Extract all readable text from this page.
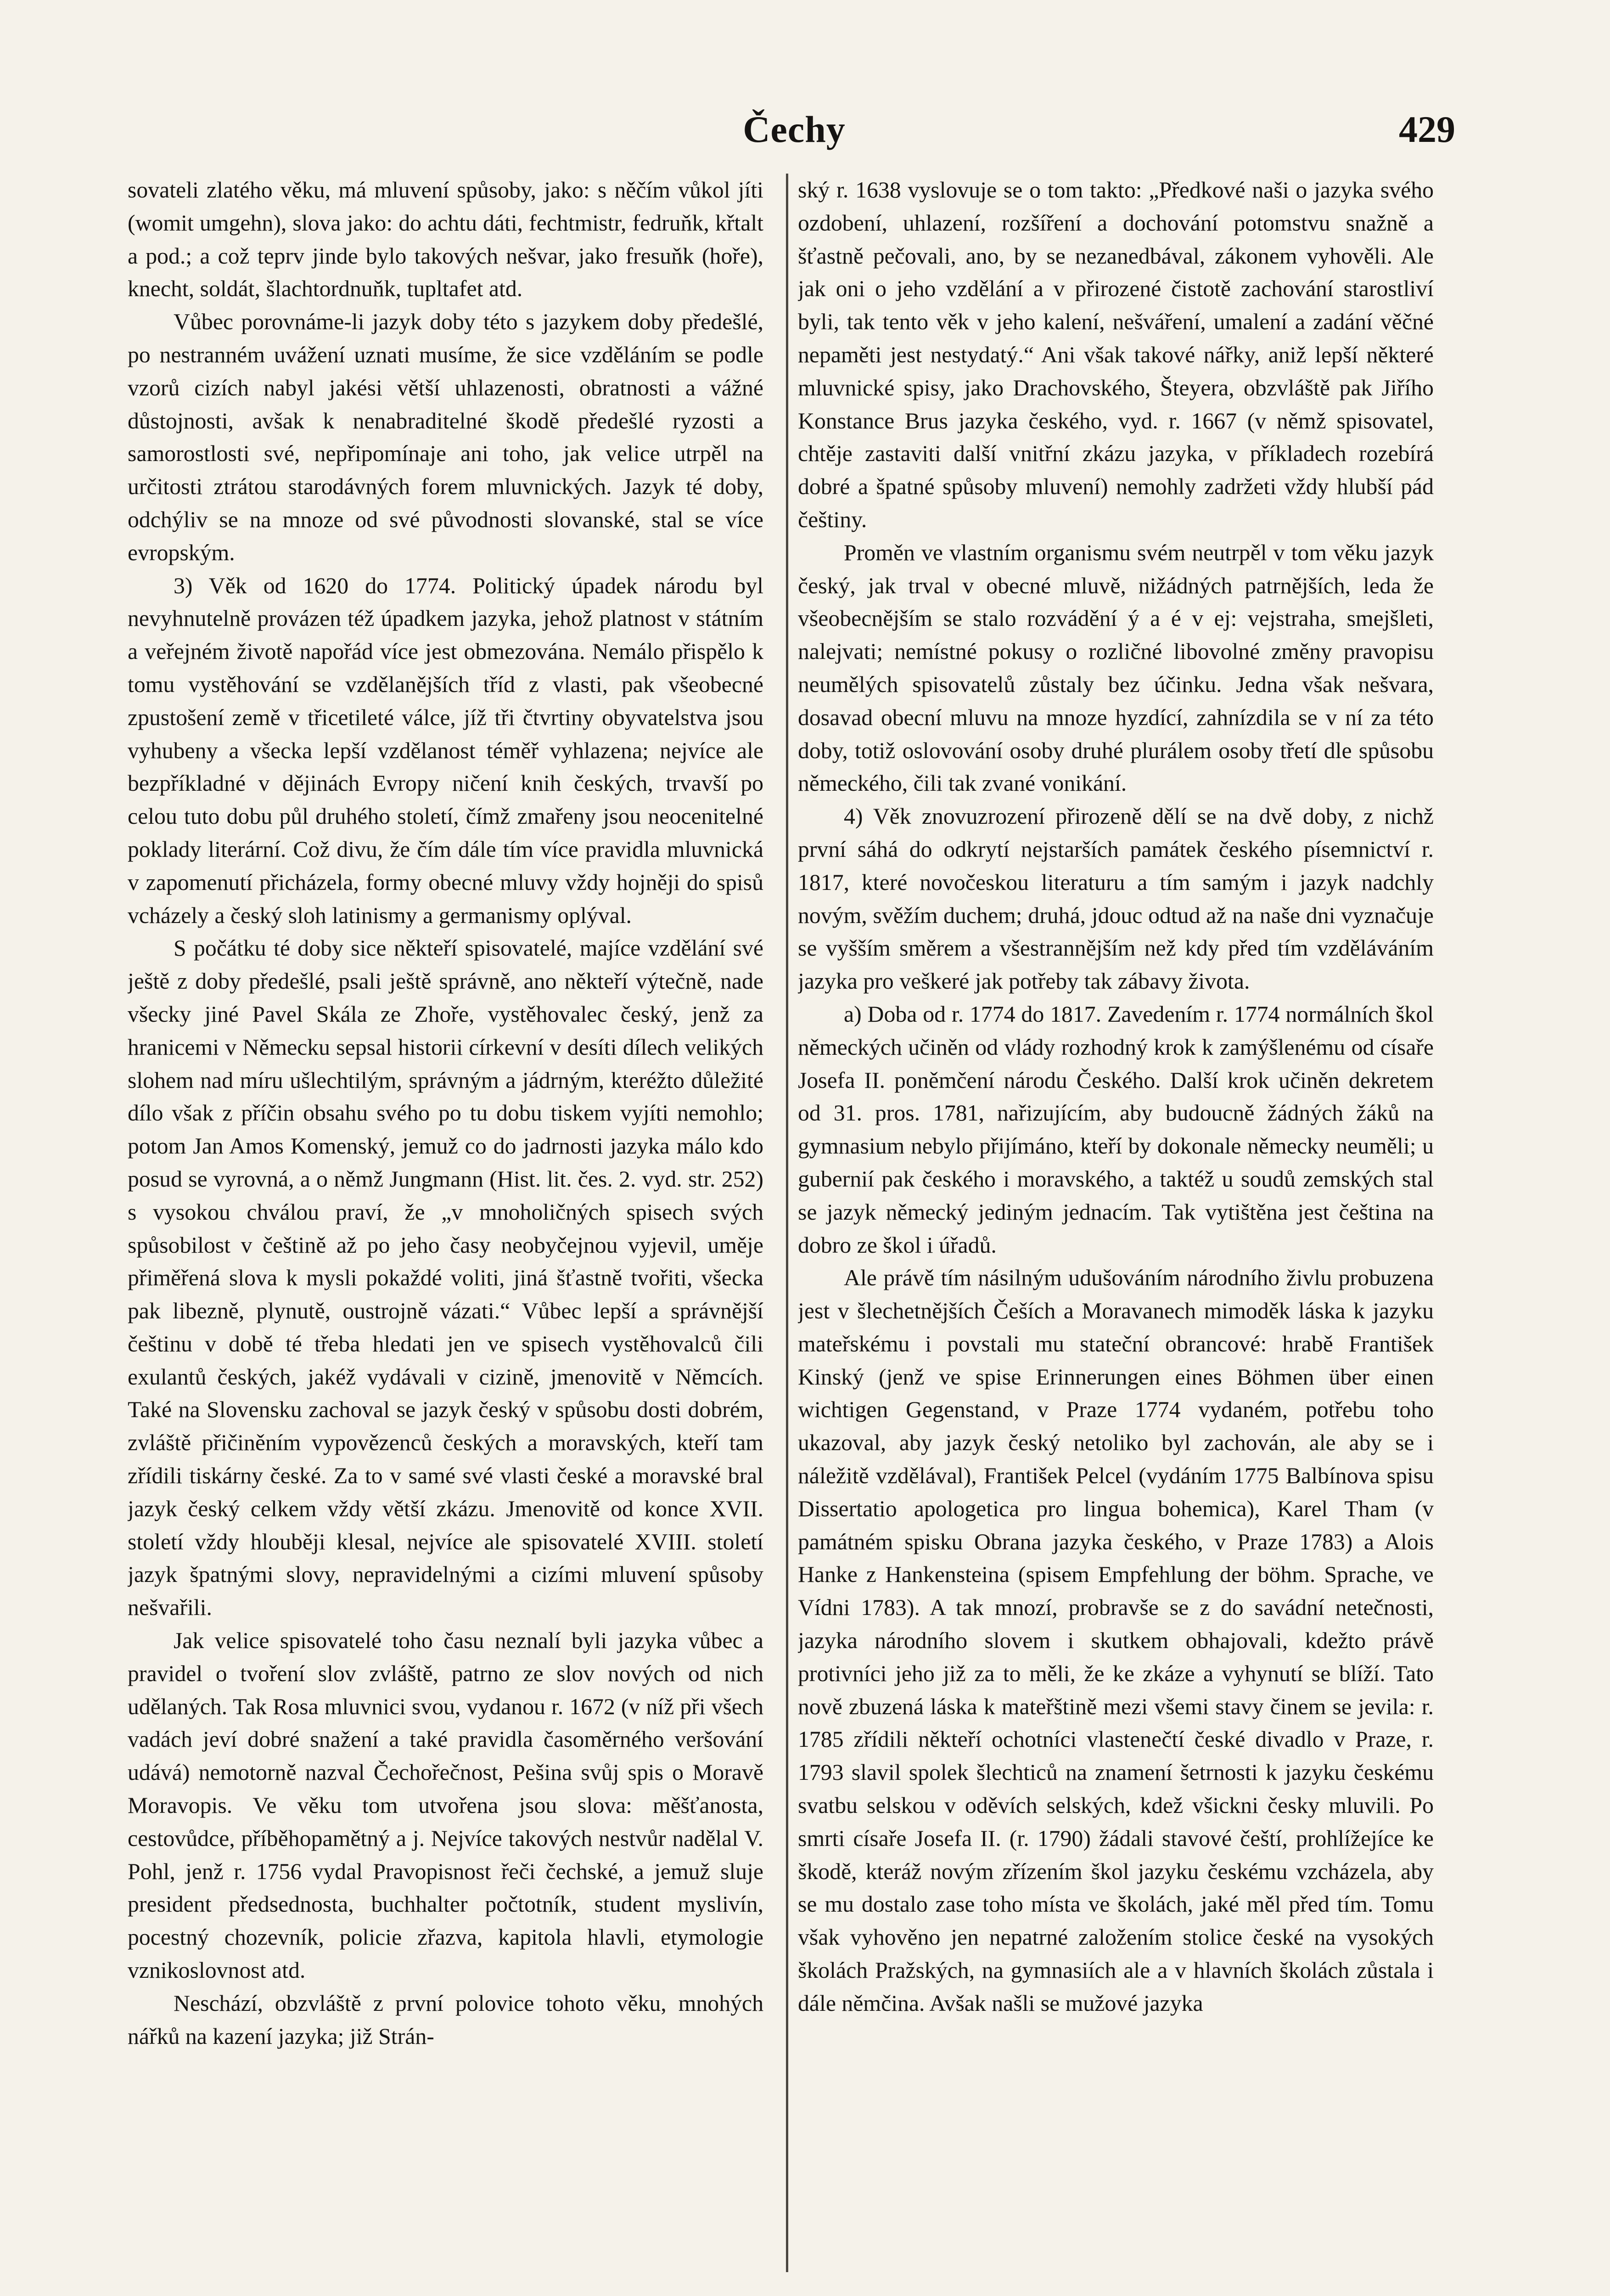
Čechy	429

sovateli zlatého věku, má mluvení spůsoby, jako: s něčím vůkol jíti (womit umgehn), slova jako: do achtu dáti, fechtmistr, fedruňk, křtalt a pod.; a což teprv jinde bylo takových nešvar, jako fresuňk (hoře), knecht, soldát, šlachtordnuňk, tupltafet atd.

Vůbec porovnáme-li jazyk doby této s jazykem doby předešlé, po nestranném uvážení uznati musíme, že sice vzděláním se podle vzorů cizích nabyl jakési větší uhlazenosti, obratnosti a vážné důstojnosti, avšak k nenabraditelné škodě předešlé ryzosti a samorostlosti své, nepřipomínaje ani toho, jak velice utrpěl na určitosti ztrátou starodávných forem mluvnických. Jazyk té doby, odchýliv se na mnoze od své původnosti slovanské, stal se více evropským.

3) Věk od 1620 do 1774. Politický úpadek národu byl nevyhnutelně provázen též úpadkem jazyka, jehož platnost v státním a veřejném životě napořád více jest obmezována. Nemálo přispělo k tomu vystěhování se vzdělanějších tříd z vlasti, pak všeobecné zpustošení země v třicetileté válce, jíž tři čtvrtiny obyvatelstva jsou vyhubeny a všecka lepší vzdělanost téměř vyhlazena; nejvíce ale bezpříkladné v dějinách Evropy ničení knih českých, trvavší po celou tuto dobu půl druhého století, čímž zmařeny jsou neocenitelné poklady literární. Což divu, že čím dále tím více pravidla mluvnická v zapomenutí přicházela, formy obecné mluvy vždy hojněji do spisů vcházely a český sloh latinismy a germanismy oplýval.

S počátku té doby sice někteří spisovatelé, majíce vzdělání své ještě z doby předešlé, psali ještě správně, ano někteří výtečně, nade všecky jiné Pavel Skála ze Zhoře, vystěhovalec český, jenž za hranicemi v Německu sepsal historii církevní v desíti dílech velikých slohem nad míru ušlechtilým, správným a jádrným, kteréžto důležité dílo však z příčin obsahu svého po tu dobu tiskem vyjíti nemohlo; potom Jan Amos Komenský, jemuž co do jadrnosti jazyka málo kdo posud se vyrovná, a o němž Jungmann (Hist. lit. čes. 2. vyd. str. 252) s vysokou chválou praví, že „v mnoholičných spisech svých spůsobilost v češtině až po jeho časy neobyčejnou vyjevil, uměje přiměřená slova k mysli pokaždé voliti, jiná šťastně tvořiti, všecka pak libezně, plynutě, oustrojně vázati.“ Vůbec lepší a správnější češtinu v době té třeba hledati jen ve spisech vystěhovalců čili exulantů českých, jakéž vydávali v cizině, jmenovitě v Němcích. Také na Slovensku zachoval se jazyk český v spůsobu dosti dobrém, zvláště přičiněním vypovězenců českých a moravských, kteří tam zřídili tiskárny české. Za to v samé své vlasti české a moravské bral jazyk český celkem vždy větší zkázu. Jmenovitě od konce XVII. století vždy hlouběji klesal, nejvíce ale spisovatelé XVIII. století jazyk špatnými slovy, nepravidelnými a cizími mluvení spůsoby nešvařili.

Jak velice spisovatelé toho času neznalí byli jazyka vůbec a pravidel o tvoření slov zvláště, patrno ze slov nových od nich udělaných. Tak Rosa mluvnici svou, vydanou r. 1672 (v níž při všech vadách jeví dobré snažení a také pravidla časoměrného veršování udává) nemotorně nazval Čechořečnost, Pešina svůj spis o Moravě Moravopis. Ve věku tom utvořena jsou slova: měšťanosta, cestovůdce, příběhopamětný a j. Nejvíce takových nestvůr nadělal V. Pohl, jenž r. 1756 vydal Pravopisnost řeči čechské, a jemuž sluje president předsednosta, buchhalter počtotník, student myslivín, pocestný chozevník, policie zřazva, kapitola hlavli, etymologie vznikoslovnost atd.

Neschází, obzvláště z první polovice tohoto věku, mnohých nářků na kazení jazyka; již Strán-

ský r. 1638 vyslovuje se o tom takto: „Předkové naši o jazyka svého ozdobení, uhlazení, rozšíření a dochování potomstvu snažně a šťastně pečovali, ano, by se nezanedbával, zákonem vyhověli. Ale jak oni o jeho vzdělání a v přirozené čistotě zachování starostliví byli, tak tento věk v jeho kalení, nešváření, umalení a zadání věčné nepaměti jest nestydatý.“ Ani však takové nářky, aniž lepší některé mluvnické spisy, jako Drachovského, Šteyera, obzvláště pak Jiřího Konstance Brus jazyka českého, vyd. r. 1667 (v němž spisovatel, chtěje zastaviti další vnitřní zkázu jazyka, v příkladech rozebírá dobré a špatné spůsoby mluvení) nemohly zadržeti vždy hlubší pád češtiny.

Proměn ve vlastním organismu svém neutrpěl v tom věku jazyk český, jak trval v obecné mluvě, nižádných patrnějších, leda že všeobecnějším se stalo rozvádění ý a é v ej: vejstraha, smejšleti, nalejvati; nemístné pokusy o rozličné libovolné změny pravopisu neumělých spisovatelů zůstaly bez účinku. Jedna však nešvara, dosavad obecní mluvu na mnoze hyzdící, zahnízdila se v ní za této doby, totiž oslovování osoby druhé plurálem osoby třetí dle spůsobu německého, čili tak zvané vonikání.

4) Věk znovuzrození přirozeně dělí se na dvě doby, z nichž první sáhá do odkrytí nejstarších památek českého písemnictví r. 1817, které novočeskou literaturu a tím samým i jazyk nadchly novým, svěžím duchem; druhá, jdouc odtud až na naše dni vyznačuje se vyšším směrem a všestrannějším než kdy před tím vzděláváním jazyka pro veškeré jak potřeby tak zábavy života.

a) Doba od r. 1774 do 1817. Zavedením r. 1774 normálních škol německých učiněn od vlády rozhodný krok k zamýšlenému od císaře Josefa II. poněmčení národu Českého. Další krok učiněn dekretem od 31. pros. 1781, nařizujícím, aby budoucně žádných žáků na gymnasium nebylo přijímáno, kteří by dokonale německy neuměli; u gubernií pak českého i moravského, a taktéž u soudů zemských stal se jazyk německý jediným jednacím. Tak vytištěna jest čeština na dobro ze škol i úřadů.

Ale právě tím násilným udušováním národního živlu probuzena jest v šlechetnějších Češích a Moravanech mimoděk láska k jazyku mateřskému i povstali mu stateční obrancové: hrabě František Kinský (jenž ve spise Erinnerungen eines Böhmen über einen wichtigen Gegenstand, v Praze 1774 vydaném, potřebu toho ukazoval, aby jazyk český netoliko byl zachován, ale aby se i náležitě vzdělával), František Pelcel (vydáním 1775 Balbínova spisu Dissertatio apologetica pro lingua bohemica), Karel Tham (v památném spisku Obrana jazyka českého, v Praze 1783) a Alois Hanke z Hankensteina (spisem Empfehlung der böhm. Sprache, ve Vídni 1783). A tak mnozí, probravše se z do savádní netečnosti, jazyka národního slovem i skutkem obhajovali, kdežto právě protivníci jeho již za to měli, že ke zkáze a vyhynutí se blíží. Tato nově zbuzená láska k mateřštině mezi všemi stavy činem se jevila: r. 1785 zřídili někteří ochotníci vlastenečtí české divadlo v Praze, r. 1793 slavil spolek šlechticů na znamení šetrnosti k jazyku českému svatbu selskou v oděvích selských, kdež všickni česky mluvili. Po smrti císaře Josefa II. (r. 1790) žádali stavové čeští, prohlížejíce ke škodě, kteráž novým zřízením škol jazyku českému vzcházela, aby se mu dostalo zase toho místa ve školách, jaké měl před tím. Tomu však vyhověno jen nepatrné založením stolice české na vysokých školách Pražských, na gymnasiích ale a v hlavních školách zůstala i dále němčina. Avšak našli se mužové jazyka
